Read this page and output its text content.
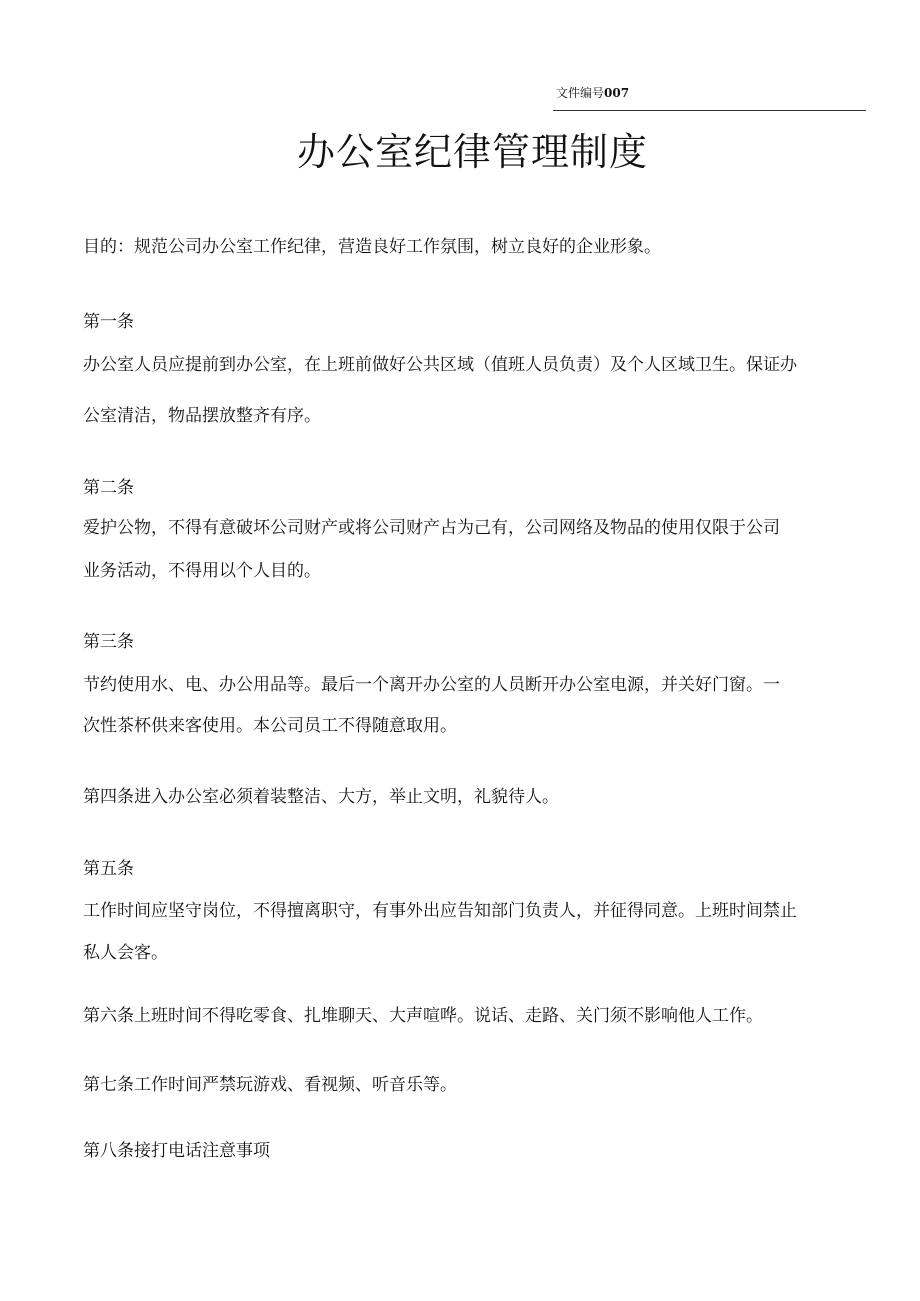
文件编号007
办公室纪律管理制度
目的：规范公司办公室工作纪律，营造良好工作氛围，树立良好的企业形象。
第一条
办公室人员应提前到办公室，在上班前做好公共区域（值班人员负责）及个人区域卫生。保证办
公室清洁，物品摆放整齐有序。
第二条
爱护公物，不得有意破坏公司财产或将公司财产占为己有，公司网络及物品的使用仅限于公司
业务活动，不得用以个人目的。
第三条
节约使用水、电、办公用品等。最后一个离开办公室的人员断开办公室电源，并关好门窗。一
次性茶杯供来客使用。本公司员工不得随意取用。
第四条进入办公室必须着装整洁、大方，举止文明，礼貌待人。
第五条
工作时间应坚守岗位，不得擅离职守，有事外出应告知部门负责人，并征得同意。上班时间禁止
私人会客。
第六条上班时间不得吃零食、扎堆聊天、大声喧哗。说话、走路、关门须不影响他人工作。
第七条工作时间严禁玩游戏、看视频、听音乐等。
第八条接打电话注意事项
